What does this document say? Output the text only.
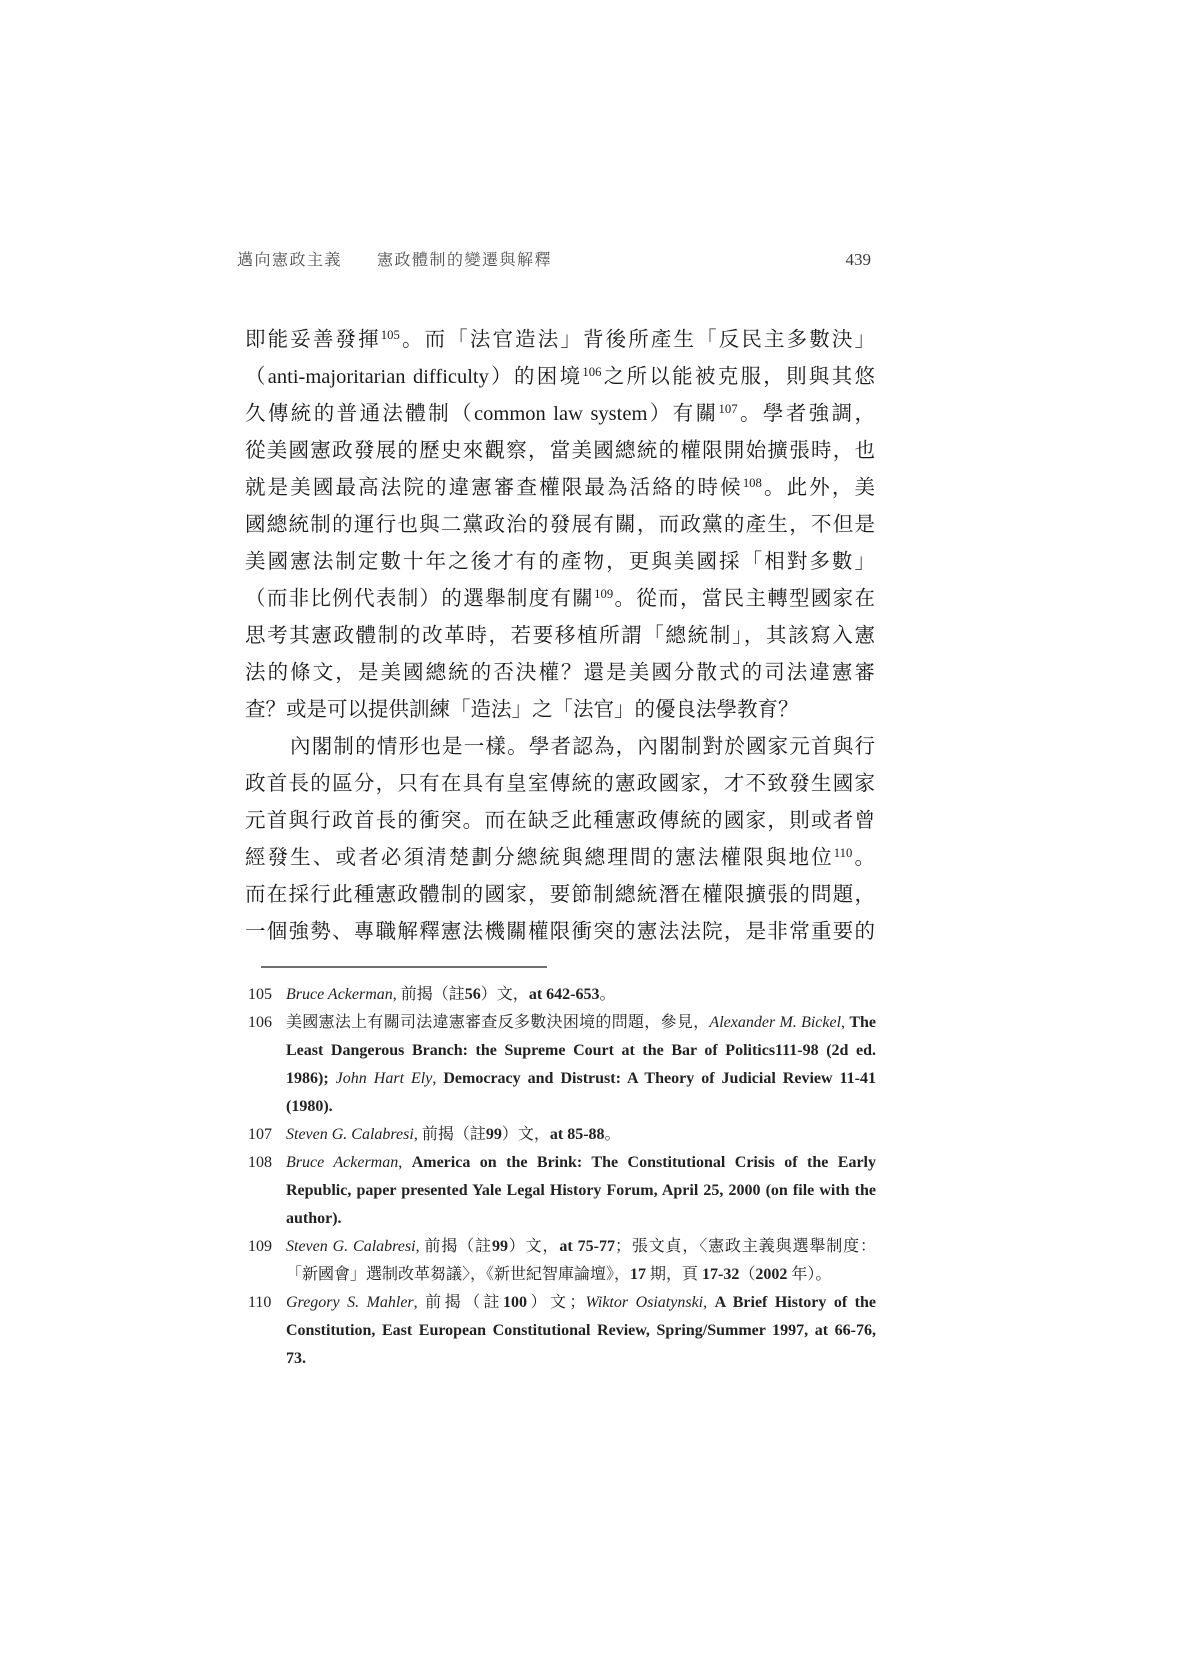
邁向憲政主義　　憲政體制的變遷與解釋	439
即能妥善發揮$^{105}$。而「法官造法」背後所產生「反民主多數決」
（anti-majoritarian difficulty）的困境$^{106}$之所以能被克服，則與其悠
久傳統的普通法體制（common law system）有關$^{107}$。學者強調，
從美國憲政發展的歷史來觀察，當美國總統的權限開始擴張時，也
就是美國最高法院的違憲審查權限最為活絡的時候$^{108}$。此外，美
國總統制的運行也與二黨政治的發展有關，而政黨的產生，不但是
美國憲法制定數十年之後才有的產物，更與美國採「相對多數」
（而非比例代表制）的選舉制度有關$^{109}$。從而，當民主轉型國家在
思考其憲政體制的改革時，若要移植所謂「總統制」，其該寫入憲
法的條文，是美國總統的否決權？還是美國分散式的司法違憲審
查？或是可以提供訓練「造法」之「法官」的優良法學教育？
內閣制的情形也是一樣。學者認為，內閣制對於國家元首與行
政首長的區分，只有在具有皇室傳統的憲政國家，才不致發生國家
元首與行政首長的衝突。而在缺乏此種憲政傳統的國家，則或者曾
經發生、或者必須清楚劃分總統與總理間的憲法權限與地位$^{110}$。
而在採行此種憲政體制的國家，要節制總統潛在權限擴張的問題，
一個強勢、專職解釋憲法機關權限衝突的憲法法院，是非常重要的
105 Bruce Ackerman, 前揭（註56）文，at 642-653。
106 美國憲法上有關司法違憲審查反多數決困境的問題，參見，Alexander M. Bickel, The Least Dangerous Branch: the Supreme Court at the Bar of Politics111-98 (2d ed. 1986); John Hart Ely, Democracy and Distrust: A Theory of Judicial Review 11-41 (1980).
107 Steven G. Calabresi, 前揭（註99）文，at 85-88。
108 Bruce Ackerman, America on the Brink: The Constitutional Crisis of the Early Republic, paper presented Yale Legal History Forum, April 25, 2000 (on file with the author).
109 Steven G. Calabresi, 前揭（註99）文，at 75-77；張文貞，〈憲政主義與選舉制度：「新國會」選制改革芻議〉，《新世紀智庫論壇》，17 期，頁 17-32（2002 年）。
110 Gregory S. Mahler, 前揭（註100）文；Wiktor Osiatynski, A Brief History of the Constitution, East European Constitutional Review, Spring/Summer 1997, at 66-76, 73.
